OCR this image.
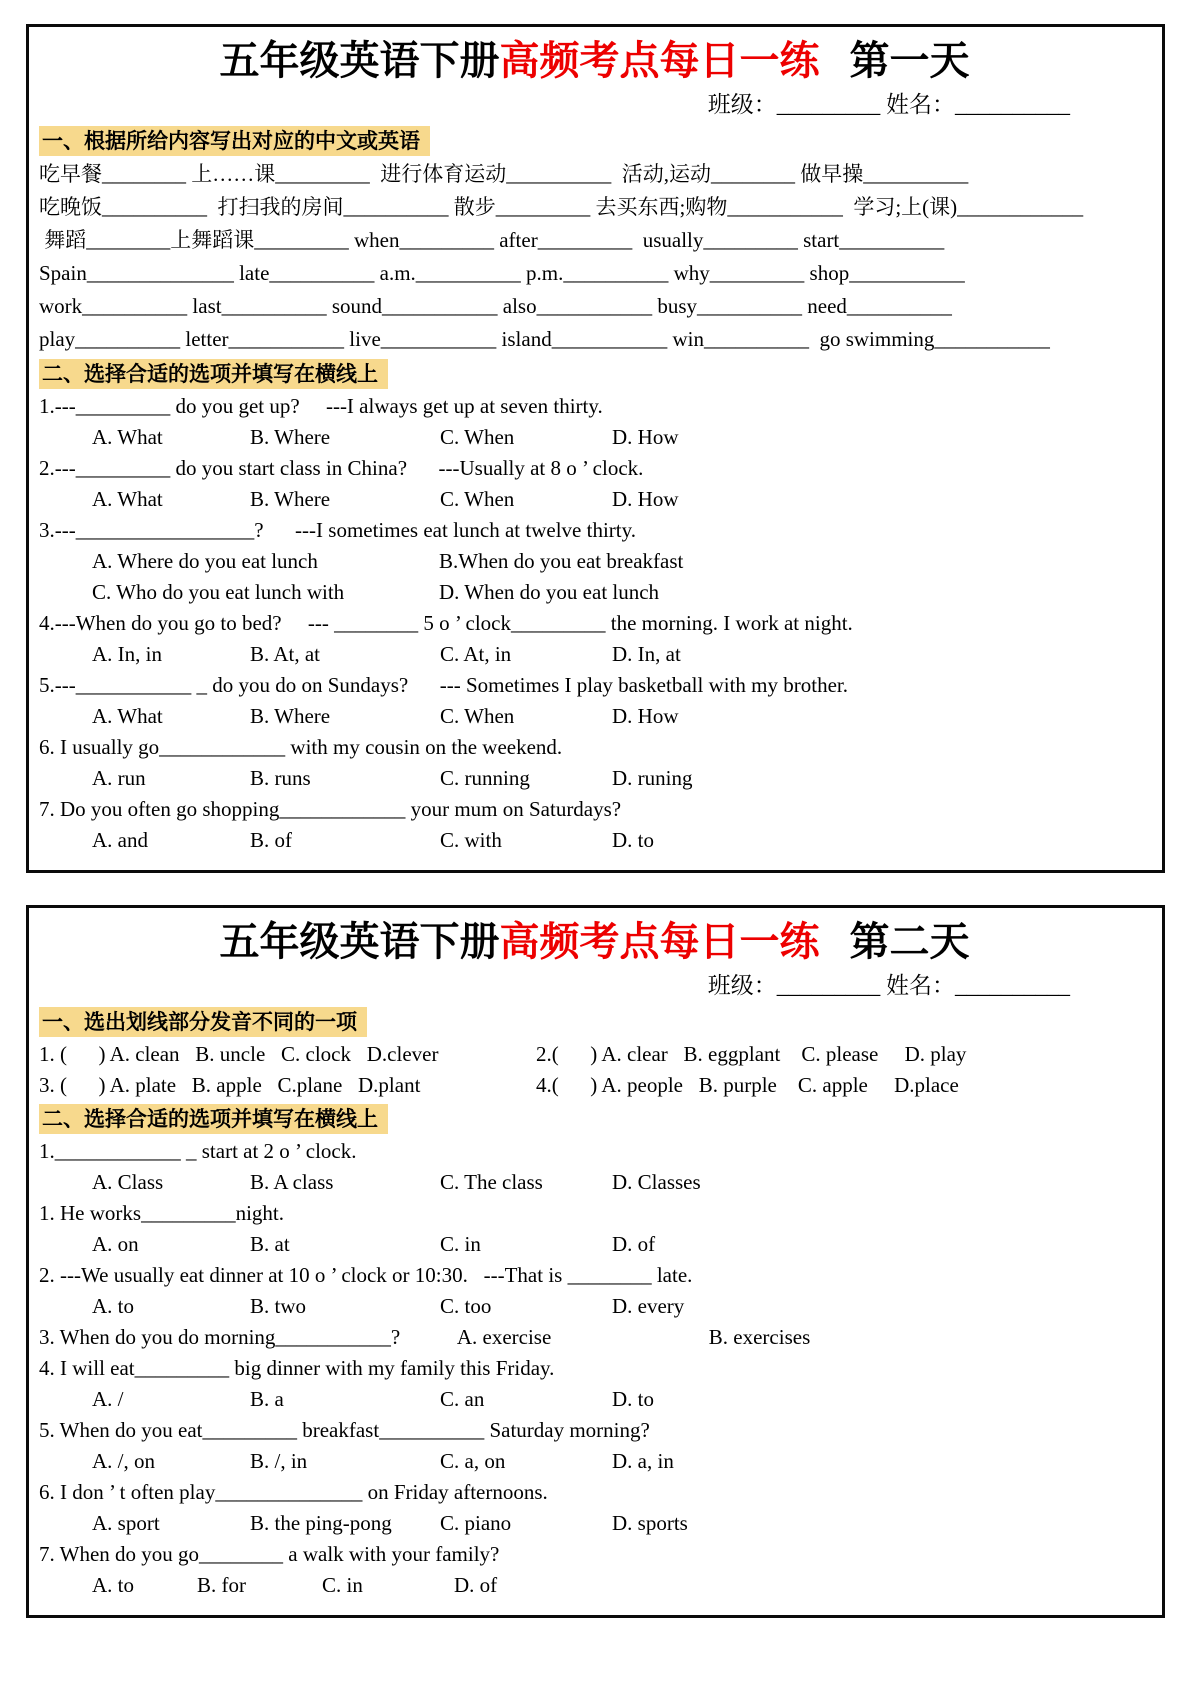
五年级英语下册高频考点每日一练 第一天
班级：_________ 姓名：__________
一、根据所给内容写出对应的中文或英语
吃早餐________ 上……课_________  进行体育运动__________  活动,运动________ 做早操__________
吃晚饭__________  打扫我的房间__________ 散步_________ 去买东西;购物___________  学习;上(课)____________
舞蹈________上舞蹈课_________ when_________ after_________  usually_________ start__________
Spain______________ late__________ a.m.__________ p.m.__________ why_________ shop___________
work__________ last__________ sound___________ also___________ busy__________ need__________
play__________ letter___________ live___________ island___________ win__________  go swimming___________
二、选择合适的选项并填写在横线上
1.---_________ do you get up?     ---I always get up at seven thirty.
A. What	B. Where	C. When	D. How
2.---_________ do you start class in China?      ---Usually at 8 o ’ clock.
A. What	B. Where	C. When	D. How
3.---_________________?      ---I sometimes eat lunch at twelve thirty.
A. Where do you eat lunch	B.When do you eat breakfast
C. Who do you eat lunch with	D. When do you eat lunch
4.---When do you go to bed?     --- ________ 5 o ’ clock_________ the morning. I work at night.
A. In, in	B. At, at	C. At, in	D. In, at
5.---___________ _ do you do on Sundays?      --- Sometimes I play basketball with my brother.
A. What	B. Where	C. When	D. How
6. I usually go____________ with my cousin on the weekend.
A. run	B. runs	C. running	D. runing
7. Do you often go shopping____________ your mum on Saturdays?
A. and	B. of	C. with	D. to
五年级英语下册高频考点每日一练 第二天
班级：_________ 姓名：__________
一、选出划线部分发音不同的一项
1. (      ) A. clean   B. uncle   C. clock   D.clever	2.(      ) A. clear   B. eggplant    C. please     D. play
3. (      ) A. plate   B. apple   C.plane   D.plant	4.(      ) A. people   B. purple    C. apple     D.place
二、选择合适的选项并填写在横线上
1.____________ _ start at 2 o ’ clock.
A. Class	B. A class	C. The class	D. Classes
1. He works_________night.
A. on	B. at	C. in	D. of
2. ---We usually eat dinner at 10 o ’ clock or 10:30.   ---That is ________ late.
A. to	B. two	C. too	D. every
3. When do you do morning___________?           A. exercise                              B. exercises
4. I will eat_________ big dinner with my family this Friday.
A. /	B. a	C. an	D. to
5. When do you eat_________ breakfast__________ Saturday morning?
A. /, on	B. /, in	C. a, on	D. a, in
6. I don ’ t often play______________ on Friday afternoons.
A. sport	B. the ping-pong	C. piano	D. sports
7. When do you go________ a walk with your family?
A. to	B. for	C. in	D. of
